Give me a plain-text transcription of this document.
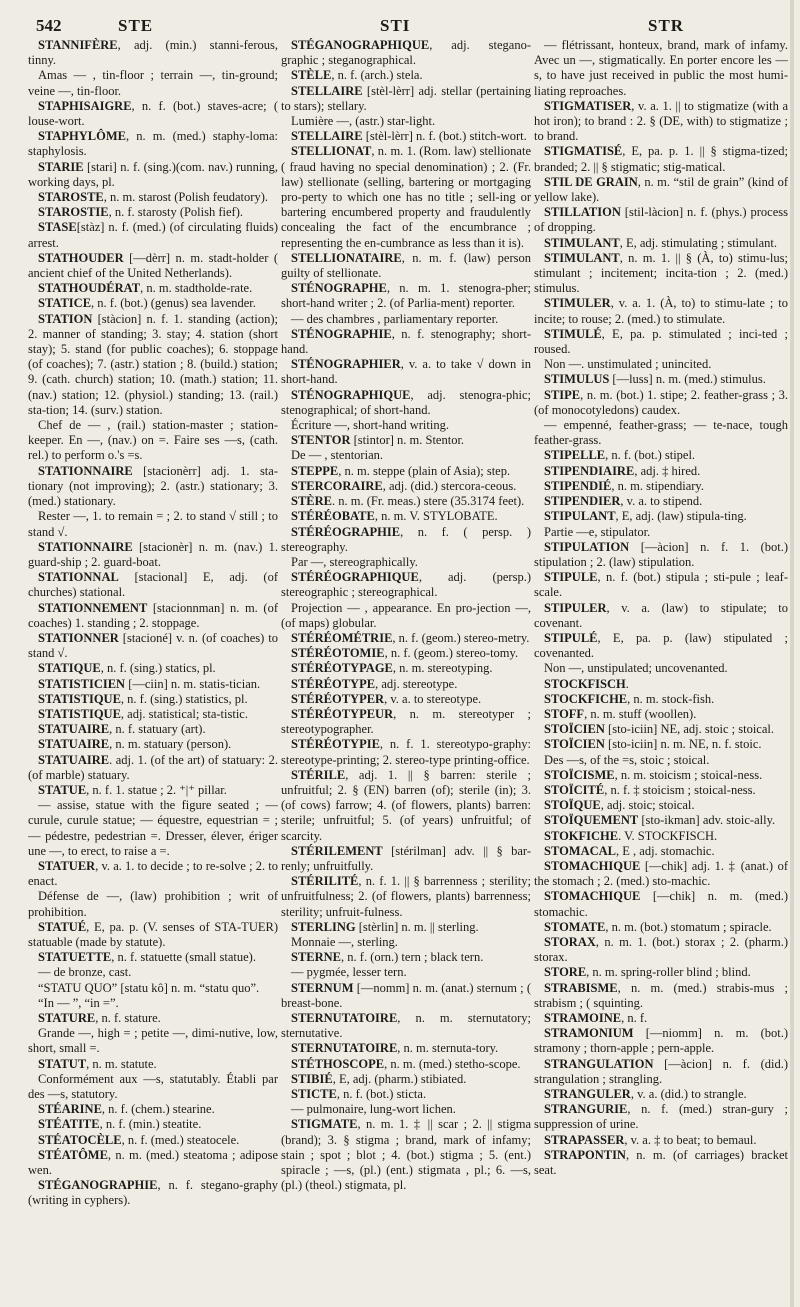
542	STE	STI	STR
STANNIFÈRE, adj. (min.) stanni-ferous, tinny.
Amas — , tin-floor ; terrain —, tin-ground; veine —, tin-floor.
STAPHISAIGRE, n. f. (bot.) staves-acre; ( louse-wort.
STAPHYLÔME, n. m. (med.) staphy-loma: staphylosis.
STARIE [stari] n. f. (sing.)(com. nav.) running, working days, pl.
STAROSTE, n. m. starost (Polish feudatory).
STAROSTIE, n. f. starosty (Polish fief).
STASE[stàz] n. f. (med.) (of circulating fluids) arrest.
STATHOUDER [—dèrr] n. m. stadt-holder ( ancient chief of the United Netherlands).
STATHOUDÉRAT, n. m. stadtholde-rate.
STATICE, n. f. (bot.) (genus) sea lavender.
STATION [stàcion] n. f. 1. standing (action); 2. manner of standing; 3. stay; 4. station (short stay); 5. stand (for public coaches); 6. stoppage (of coaches); 7. (astr.) station ; 8. (build.) station; 9. (cath. church) station; 10. (math.) station; 11. (nav.) station; 12. (physiol.) standing; 13. (rail.) sta-tion; 14. (surv.) station.
Chef de — , (rail.) station-master ; station-keeper. En —, (nav.) on =. Faire ses —s, (cath. rel.) to perform o.'s =s.
STATIONNAIRE [stacionèrr] adj. 1. sta-tionary (not improving); 2. (astr.) stationary; 3. (med.) stationary.
Rester —, 1. to remain = ; 2. to stand √ still ; to stand √.
STATIONNAIRE [stacionèr] n. m. (nav.) 1. guard-ship ; 2. guard-boat.
STATIONNAL [stacional] E, adj. (of churches) stational.
STATIONNEMENT [stacionnman] n. m. (of coaches) 1. standing ; 2. stoppage.
STATIONNER [stacioné] v. n. (of coaches) to stand √.
STATIQUE, n. f. (sing.) statics, pl.
STATISTICIEN [—ciin] n. m. statis-tician.
STATISTIQUE, n. f. (sing.) statistics, pl.
STATISTIQUE, adj. statistical; sta-tistic.
STATUAIRE, n. f. statuary (art).
STATUAIRE, n. m. statuary (person).
STATUAIRE. adj. 1. (of the art) of statuary: 2. (of marble) statuary.
STATUE, n. f. 1. statue ; 2. ⁺|⁺ pillar.
— assise, statue with the figure seated ; — curule, curule statue; — équestre, equestrian = ; — pédestre, pedestrian =. Dresser, élever, ériger une —, to erect, to raise a =.
STATUER, v. a. 1. to decide ; to re-solve ; 2. to enact.
Défense de —, (law) prohibition ; writ of prohibition.
STATUÉ, E, pa. p. (V. senses of STA-TUER) statuable (made by statute).
STATUETTE, n. f. statuette (small statue).
— de bronze, cast.
“STATU QUO” [statu kô] n. m. “statu quo”.
“In — ”, “in =”.
STATURE, n. f. stature.
Grande —, high = ; petite —, dimi-nutive, low, short, small =.
STATUT, n. m. statute.
Conformément aux —s, statutably. Établi par des —s, statutory.
STÉARINE, n. f. (chem.) stearine.
STÉATITE, n. f. (min.) steatite.
STÉATOCÈLE, n. f. (med.) steatocele.
STÉATÔME, n. m. (med.) steatoma ; adipose wen.
STÉGANOGRAPHIE, n. f. stegano-graphy (writing in cyphers).
STÉGANOGRAPHIQUE, adj. stegano-graphic ; steganographical.
STÈLE, n. f. (arch.) stela.
STELLAIRE [stèl-lèrr] adj. stellar (pertaining to stars); stellary.
Lumière —, (astr.) star-light.
STELLAIRE [stèl-lèrr] n. f. (bot.) stitch-wort.
STELLIONAT, n. m. 1. (Rom. law) stellionate ( fraud having no special denomination) ; 2. (Fr. law) stellionate (selling, bartering or mortgaging pro-perty to which one has no title ; sell-ing or bartering encumbered property and fraudulently concealing the fact of the encumbrance ; representing the en-cumbrance as less than it is).
STELLIONATAIRE, n. m. f. (law) person guilty of stellionate.
STÉNOGRAPHE, n. m. 1. stenogra-pher; short-hand writer ; 2. (of Parlia-ment) reporter.
— des chambres , parliamentary reporter.
STÉNOGRAPHIE, n. f. stenography; short-hand.
STÉNOGRAPHIER, v. a. to take √ down in short-hand.
STÉNOGRAPHIQUE, adj. stenogra-phic; stenographical; of short-hand.
Écriture —, short-hand writing.
STENTOR [stintor] n. m. Stentor.
De — , stentorian.
STEPPE, n. m. steppe (plain of Asia); step.
STERCORAIRE, adj. (did.) stercora-ceous.
STÈRE. n. m. (Fr. meas.) stere (35.3174 feet).
STÉRÉOBATE, n. m. V. STYLOBATE.
STÉRÉOGRAPHIE, n. f. ( persp. ) stereography.
Par —, stereographically.
STÉRÉOGRAPHIQUE, adj. (persp.) stereographic ; stereographical.
Projection — , appearance. En pro-jection —, (of maps) globular.
STÉRÉOMÉTRIE, n. f. (geom.) stereo-metry.
STÉRÉOTOMIE, n. f. (geom.) stereo-tomy.
STÉRÉOTYPAGE, n. m. stereotyping.
STÉRÉOTYPE, adj. stereotype.
STÉRÉOTYPER, v. a. to stereotype.
STÉRÉOTYPEUR, n. m. stereotyper ; stereotypographer.
STÉRÉOTYPIE, n. f. 1. stereotypo-graphy: stereotype-printing; 2. stereo-type printing-office.
STÉRILE, adj. 1. || § barren: sterile ; unfruitful; 2. § (EN) barren (of); sterile (in); 3. (of cows) farrow; 4. (of flowers, plants) barren: sterile; unfruitful; 5. (of years) unfruitful; of scarcity.
STÉRILEMENT [stérilman] adv. || § bar-renly; unfruitfully.
STÉRILITÉ, n. f. 1. || § barrenness ; sterility; unfruitfulness; 2. (of flowers, plants) barrenness; sterility; unfruit-fulness.
STERLING [stèrlin] n. m. || sterling.
Monnaie —, sterling.
STERNE, n. f. (orn.) tern ; black tern.
— pygmée, lesser tern.
STERNUM [—nomm] n. m. (anat.) sternum ; ( breast-bone.
STERNUTATOIRE, n. m. sternutatory; sternutative.
STERNUTATOIRE, n. m. sternuta-tory.
STÉTHOSCOPE, n. m. (med.) stetho-scope.
STIBIÉ, E, adj. (pharm.) stibiated.
STICTE, n. f. (bot.) sticta.
— pulmonaire, lung-wort lichen.
STIGMATE, n. m. 1. ‡ || scar ; 2. || stigma (brand); 3. § stigma ; brand, mark of infamy; stain ; spot ; blot ; 4. (bot.) stigma ; 5. (ent.) spiracle ; —s, (pl.) (ent.) stigmata , pl.; 6. —s, (pl.) (theol.) stigmata, pl.
— flétrissant, honteux, brand, mark of infamy. Avec un —, stigmatically. En porter encore les —s, to have just received in public the most humi-liating reproaches.
STIGMATISER, v. a. 1. || to stigmatize (with a hot iron); to brand : 2. § (DE, with) to stigmatize ; to brand.
STIGMATISÉ, E, pa. p. 1. || § stigma-tized; branded; 2. || § stigmatic; stig-matical.
STIL DE GRAIN, n. m. “stil de grain” (kind of yellow lake).
STILLATION [stil-làcion] n. f. (phys.) process of dropping.
STIMULANT, E, adj. stimulating ; stimulant.
STIMULANT, n. m. 1. || § (À, to) stimu-lus; stimulant ; incitement; incita-tion ; 2. (med.) stimulus.
STIMULER, v. a. 1. (À, to) to stimu-late ; to incite; to rouse; 2. (med.) to stimulate.
STIMULÉ, E, pa. p. stimulated ; inci-ted ; roused.
Non —. unstimulated ; unincited.
STIMULUS [—luss] n. m. (med.) stimulus.
STIPE, n. m. (bot.) 1. stipe; 2. feather-grass ; 3. (of monocotyledons) caudex.
— empenné, feather-grass; — te-nace, tough feather-grass.
STIPELLE, n. f. (bot.) stipel.
STIPENDIAIRE, adj. ‡ hired.
STIPENDIÉ, n. m. stipendiary.
STIPENDIER, v. a. to stipend.
STIPULANT, E, adj. (law) stipula-ting.
Partie —e, stipulator.
STIPULATION [—àcion] n. f. 1. (bot.) stipulation ; 2. (law) stipulation.
STIPULE, n. f. (bot.) stipula ; sti-pule ; leaf-scale.
STIPULER, v. a. (law) to stipulate; to covenant.
STIPULÉ, E, pa. p. (law) stipulated ; covenanted.
Non —, unstipulated; uncovenanted.
STOCKFISCH.
STOCKFICHE, n. m. stock-fish.
STOFF, n. m. stuff (woollen).
STOÏCIEN [sto-iciin] NE, adj. stoic ; stoical.
STOÏCIEN [sto-iciin] n. m. NE, n. f. stoic.
Des —s, of the =s, stoic ; stoical.
STOÏCISME, n. m. stoicism ; stoical-ness.
STOÏCITÉ, n. f. ‡ stoicism ; stoical-ness.
STOÏQUE, adj. stoic; stoical.
STOÏQUEMENT [sto-ikman] adv. stoic-ally.
STOKFICHE. V. STOCKFISCH.
STOMACAL, E , adj. stomachic.
STOMACHIQUE [—chik] adj. 1. ‡ (anat.) of the stomach ; 2. (med.) sto-machic.
STOMACHIQUE [—chik] n. m. (med.) stomachic.
STOMATE, n. m. (bot.) stomatum ; spiracle.
STORAX, n. m. 1. (bot.) storax ; 2. (pharm.) storax.
STORE, n. m. spring-roller blind ; blind.
STRABISME, n. m. (med.) strabis-mus ; strabism ; ( squinting.
STRAMOINE, n. f.
STRAMONIUM [—niomm] n. m. (bot.) stramony ; thorn-apple ; pern-apple.
STRANGULATION [—àcion] n. f. (did.) strangulation ; strangling.
STRANGULER, v. a. (did.) to strangle.
STRANGURIE, n. f. (med.) stran-gury ; suppression of urine.
STRAPASSER, v. a. ‡ to beat; to bemaul.
STRAPONTIN, n. m. (of carriages) bracket seat.
